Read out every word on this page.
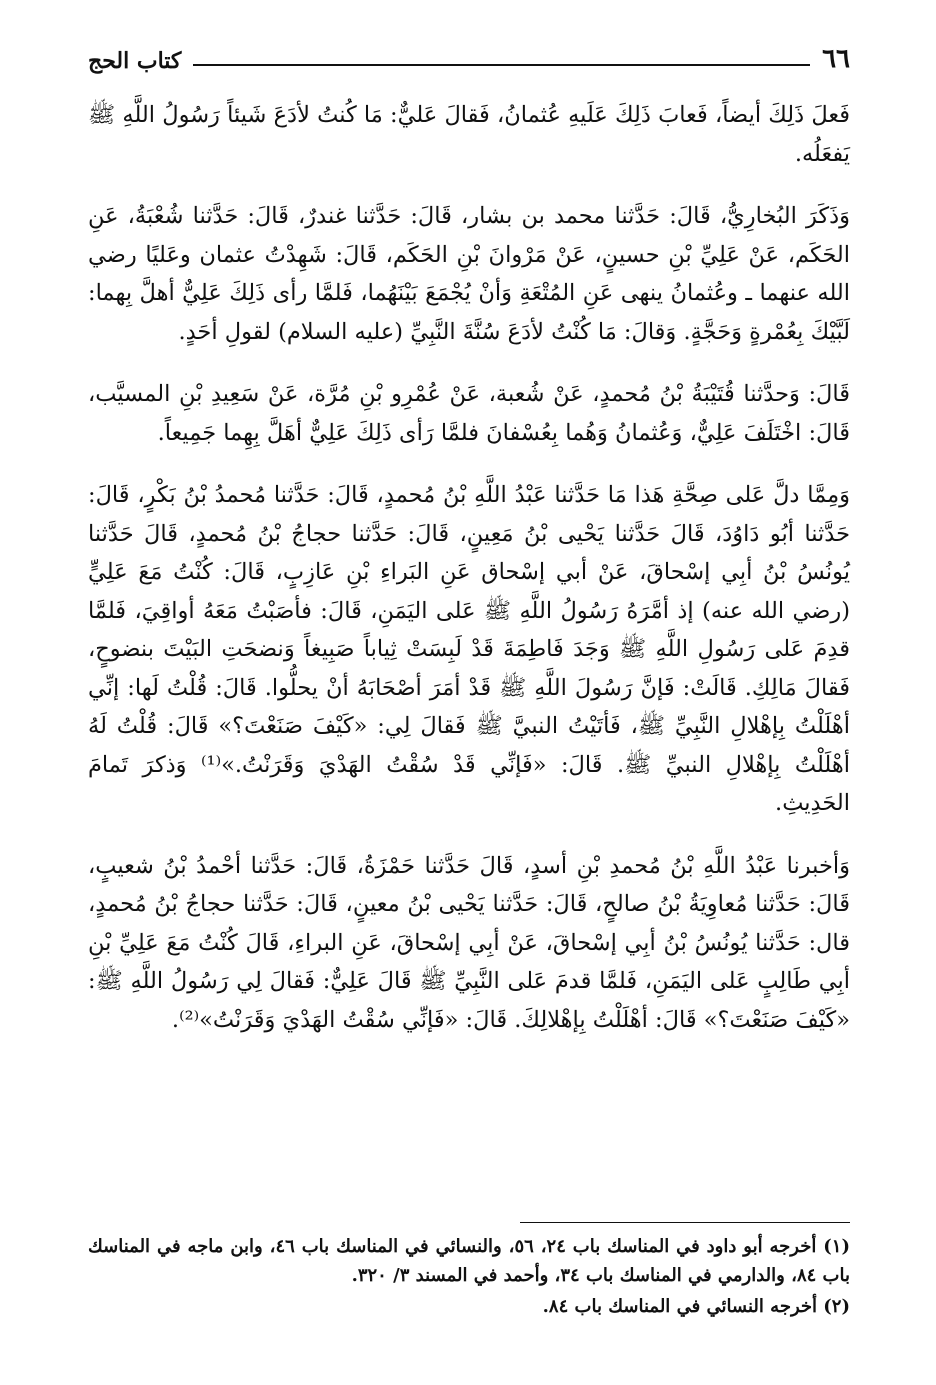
٦٦
كتاب الحج

فَعلَ ذَلِكَ أيضاً، فَعابَ ذَلِكَ عَلَيهِ عُثمانُ، فَقالَ عَليٌّ: مَا كُنتُ لأدَعَ شَيئاً رَسُولُ اللَّهِ ﷺ يَفعَلُه.

وَذَكَرَ البُخارِيُّ، قَالَ: حَدَّثنا محمد بن بشار، قَالَ: حَدَّثنا غندرٌ، قَالَ: حَدَّثنا شُعْبَةُ، عَنِ الحَكَم، عَنْ عَلِيِّ بْنِ حسينٍ، عَنْ مَرْوانَ بْنِ الحَكَم، قَالَ: شَهِدْتُ عثمان وعَليًا رضي الله عنهما ـ وعُثمانُ ينهى عَنِ المُتْعَةِ وَأنْ يُجْمَعَ بَيْنَهُما، فَلمَّا رأى ذَلِكَ عَلِيٌّ أهلَّ بِهما: لَبَّيْكَ بِعُمْرةٍ وَحَجَّةٍ. وَقالَ: مَا كُنْتُ لأدَعَ سُنَّةَ النَّبِيِّ (عليه السلام) لقولِ أحَدٍ.

قَالَ: وَحدَّثنا قُتَيْبَةُ بْنُ مُحمدٍ، عَنْ شُعبة، عَنْ عُمْرِو بْنِ مُرَّة، عَنْ سَعِيدِ بْنِ المسيَّب، قَالَ: اخْتَلَفَ عَلِيٌّ، وَعُثمانُ وَهُما بِعُسْفانَ فلمَّا رَأى ذَلِكَ عَلِيٌّ أهَلَّ بِهِما جَمِيعاً.

وَمِمَّا دلَّ عَلى صِحَّةِ هَذا مَا حَدَّثنا عَبْدُ اللَّهِ بْنُ مُحمدٍ، قَالَ: حَدَّثنا مُحمدُ بْنُ بَكْرٍ، قَالَ: حَدَّثنا أبُو دَاوُدَ، قَالَ حَدَّثنا يَحْيى بْنُ مَعِينٍ، قَالَ: حَدَّثنا حجاجُ بْنُ مُحمدٍ، قَالَ حَدَّثنا يُونُسُ بْنُ أبِي إسْحاقَ، عَنْ أبي إسْحاق عَنِ البَراءِ بْنِ عَازِبٍ، قَالَ: كُنْتُ مَعَ عَلِيٍّ (رضي الله عنه) إذ أمَّرَهُ رَسُولُ اللَّهِ ﷺ عَلى اليَمَنِ، قَالَ: فأصَبْتُ مَعَهُ أواقِيَ، فَلمَّا قدِمَ عَلى رَسُولِ اللَّهِ ﷺ وَجَدَ فَاطِمَةَ قَدْ لَبِسَتْ ثِياباً صَبِيغاً وَنضحَتِ البَيْتَ بنضوحٍ، فَقالَ مَالِكِ. قَالَتْ: فَإنَّ رَسُولَ اللَّهِ ﷺ قَدْ أمَرَ أصْحَابَهُ أنْ يحلُّوا. قَالَ: قُلْتُ لَها: إنِّي أهْلَلْتُ بِإهْلالِ النَّبِيِّ ﷺ، فَأتَيْتُ النبيَّ ﷺ فَقالَ لِي: «كَيْفَ صَنَعْتَ؟» قَالَ: قُلْتُ لَهُ أهْلَلْتُ بِإهْلالِ النبيِّ ﷺ. قَالَ: «فَإنِّي قَدْ سُقْتُ الهَدْيَ وَقَرَنْتُ.»⁽¹⁾ وَذكرَ تَمامَ الحَدِيثِ.

وَأخبرنا عَبْدُ اللَّهِ بْنُ مُحمدِ بْنِ أسدٍ، قَالَ حَدَّثنا حَمْزَةُ، قَالَ: حَدَّثنا أحْمدُ بْنُ شعيبٍ، قَالَ: حَدَّثنا مُعاوِيَةُ بْنُ صالحٍ، قَالَ: حَدَّثنا يَحْيى بْنُ معينٍ، قَالَ: حَدَّثنا حجاجُ بْنُ مُحمدٍ، قال: حَدَّثنا يُونُسُ بْنُ أبِي إسْحاقَ، عَنْ أبِي إسْحاقَ، عَنِ البراءِ، قَالَ كُنْتُ مَعَ عَلِيِّ بْنِ أبِي طَالِبٍ عَلى اليَمَنِ، فَلمَّا قدمَ عَلى النَّبِيِّ ﷺ قَالَ عَلِيٌّ: فَقالَ لِي رَسُولُ اللَّهِ ﷺ: «كَيْفَ صَنَعْتَ؟» قَالَ: أهْلَلْتُ بِإهْلالِكَ. قَالَ: «فَإنِّي سُقْتُ الهَدْيَ وَقَرَنْتُ»⁽²⁾.

(١) أخرجه أبو داود في المناسك باب ٢٤، ٥٦، والنسائي في المناسك باب ٤٦، وابن ماجه في المناسك باب ٨٤، والدارمي في المناسك باب ٣٤، وأحمد في المسند ٣/ ٣٢٠.

(٢) أخرجه النسائي في المناسك باب ٨٤.
